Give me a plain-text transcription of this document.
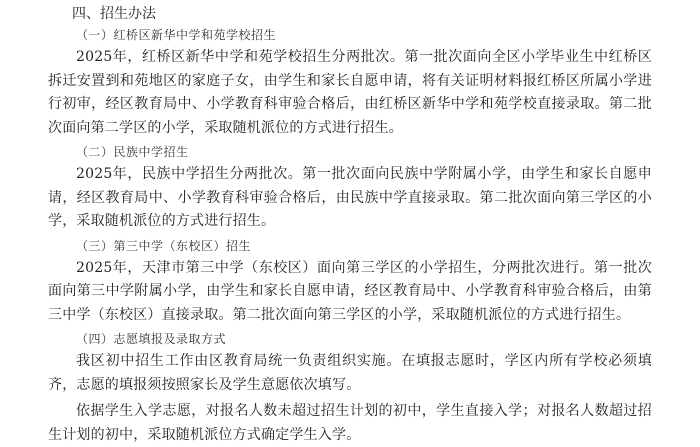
四、招生办法
（一）红桥区新华中学和苑学校招生

2025年，红桥区新华中学和苑学校招生分两批次。第一批次面向全区小学毕业生中红桥区拆迁安置到和苑地区的家庭子女，由学生和家长自愿申请，将有关证明材料报红桥区所属小学进行初审，经区教育局中、小学教育科审验合格后，由红桥区新华中学和苑学校直接录取。第二批次面向第二学区的小学，采取随机派位的方式进行招生。

（二）民族中学招生

2025年，民族中学招生分两批次。第一批次面向民族中学附属小学，由学生和家长自愿申请，经区教育局中、小学教育科审验合格后，由民族中学直接录取。第二批次面向第三学区的小学，采取随机派位的方式进行招生。

（三）第三中学（东校区）招生

2025年，天津市第三中学（东校区）面向第三学区的小学招生，分两批次进行。第一批次面向第三中学附属小学，由学生和家长自愿申请，经区教育局中、小学教育科审验合格后，由第三中学（东校区）直接录取。第二批次面向第三学区的小学，采取随机派位的方式进行招生。

（四）志愿填报及录取方式

我区初中招生工作由区教育局统一负责组织实施。在填报志愿时，学区内所有学校必须填齐，志愿的填报须按照家长及学生意愿依次填写。

依据学生入学志愿，对报名人数未超过招生计划的初中，学生直接入学；对报名人数超过招生计划的初中，采取随机派位方式确定学生入学。
